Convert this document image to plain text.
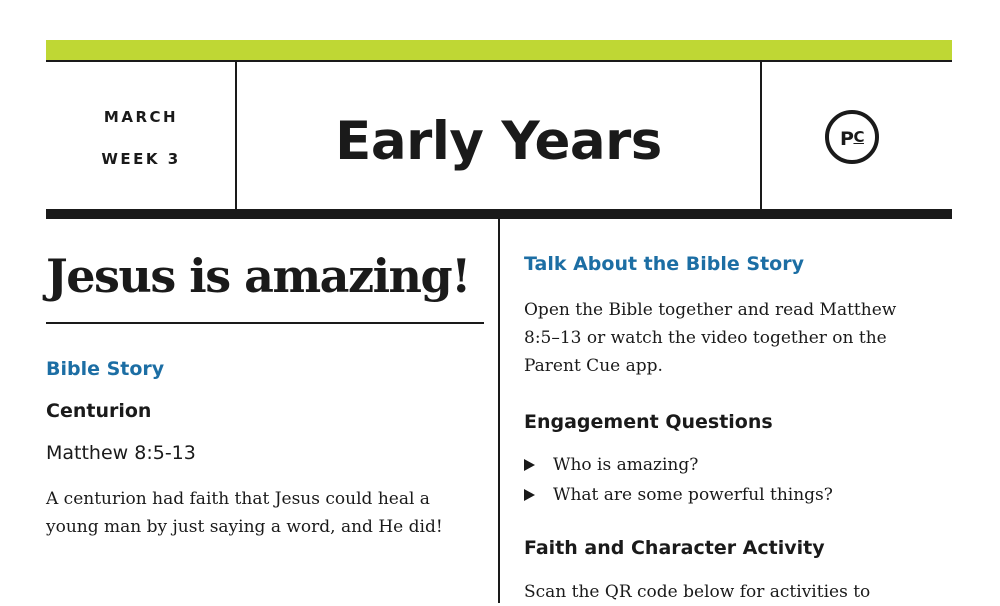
MARCH
WEEK 3	Early Years	PC
Jesus is amazing!
Bible Story
Centurion
Matthew 8:5-13
A centurion had faith that Jesus could heal a
young man by just saying a word, and He did!
Talk About the Bible Story
Open the Bible together and read Matthew
8:5–13 or watch the video together on the
Parent Cue app.
Engagement Questions
Who is amazing?
What are some powerful things?
Faith and Character Activity
Scan the QR code below for activities to
